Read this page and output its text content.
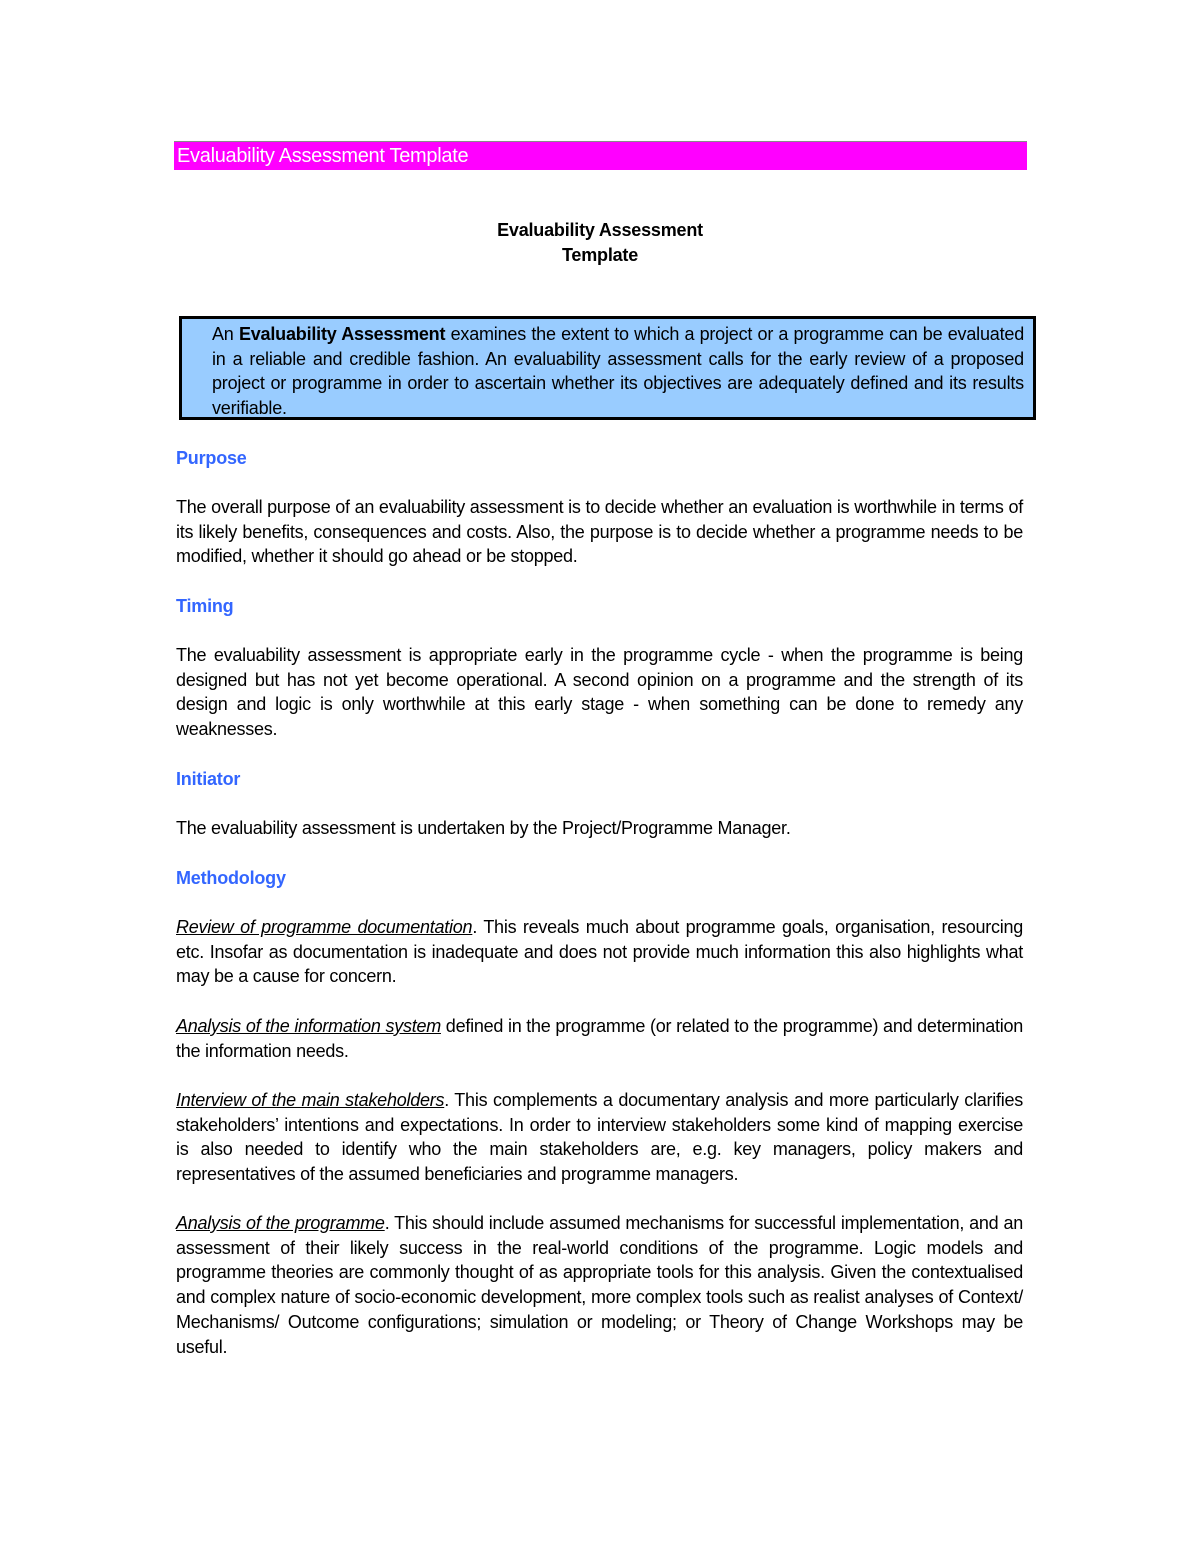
Evaluability Assessment Template
Evaluability Assessment
Template
An Evaluability Assessment examines the extent to which a project or a programme can be evaluated in a reliable and credible fashion. An evaluability assessment calls for the early review of a proposed project or programme in order to ascertain whether its objectives are adequately defined and its results verifiable.
Purpose
The overall purpose of an evaluability assessment is to decide whether an evaluation is worthwhile in terms of its likely benefits, consequences and costs. Also, the purpose is to decide whether a programme needs to be modified, whether it should go ahead or be stopped.
Timing
The evaluability assessment is appropriate early in the programme cycle - when the programme is being designed but has not yet become operational. A second opinion on a programme and the strength of its design and logic is only worthwhile at this early stage - when something can be done to remedy any weaknesses.
Initiator
The evaluability assessment is undertaken by the Project/Programme Manager.
Methodology
Review of programme documentation. This reveals much about programme goals, organisation, resourcing etc. Insofar as documentation is inadequate and does not provide much information this also highlights what may be a cause for concern.
Analysis of the information system defined in the programme (or related to the programme) and determination the information needs.
Interview of the main stakeholders. This complements a documentary analysis and more particularly clarifies stakeholders’ intentions and expectations. In order to interview stakeholders some kind of mapping exercise is also needed to identify who the main stakeholders are, e.g. key managers, policy makers and representatives of the assumed beneficiaries and programme managers.
Analysis of the programme. This should include assumed mechanisms for successful implementation, and an assessment of their likely success in the real-world conditions of the programme. Logic models and programme theories are commonly thought of as appropriate tools for this analysis. Given the contextualised and complex nature of socio-economic development, more complex tools such as realist analyses of Context/ Mechanisms/ Outcome configurations; simulation or modeling; or Theory of Change Workshops may be useful.
